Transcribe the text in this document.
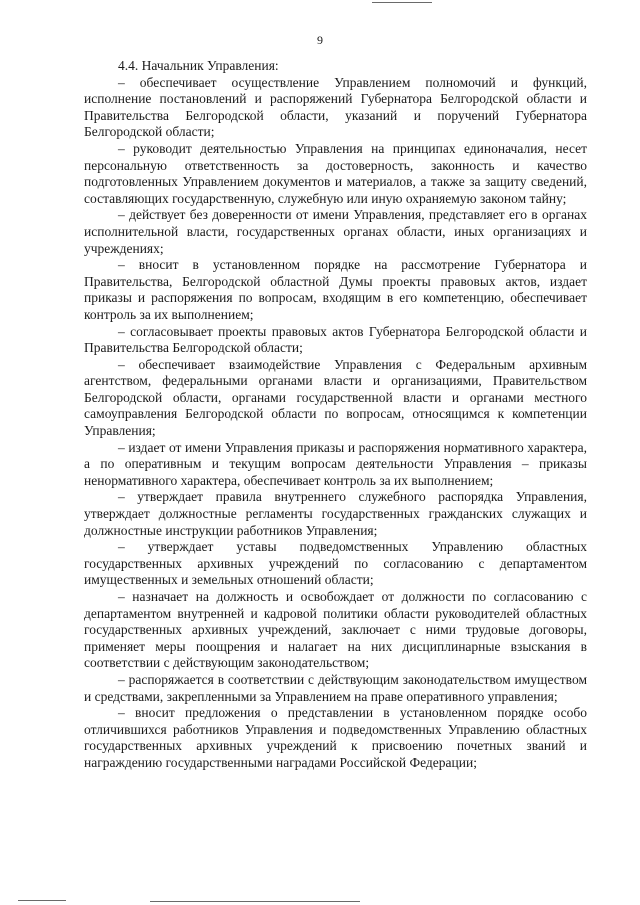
9

4.4. Начальник Управления:

– обеспечивает осуществление Управлением полномочий и функций, исполнение постановлений и распоряжений Губернатора Белгородской области и Правительства Белгородской области, указаний и поручений Губернатора Белгородской области;

– руководит деятельностью Управления на принципах единоначалия, несет персональную ответственность за достоверность, законность и качество подготовленных Управлением документов и материалов, а также за защиту сведений, составляющих государственную, служебную или иную охраняемую законом тайну;

– действует без доверенности от имени Управления, представляет его в органах исполнительной власти, государственных органах области, иных организациях и учреждениях;

– вносит в установленном порядке на рассмотрение Губернатора и Правительства, Белгородской областной Думы проекты правовых актов, издает приказы и распоряжения по вопросам, входящим в его компетенцию, обеспечивает контроль за их выполнением;

– согласовывает проекты правовых актов Губернатора Белгородской области и Правительства Белгородской области;

– обеспечивает взаимодействие Управления с Федеральным архивным агентством, федеральными органами власти и организациями, Правительством Белгородской области, органами государственной власти и органами местного самоуправления Белгородской области по вопросам, относящимся к компетенции Управления;

– издает от имени Управления приказы и распоряжения нормативного характера, а по оперативным и текущим вопросам деятельности Управления – приказы ненормативного характера, обеспечивает контроль за их выполнением;

– утверждает правила внутреннего служебного распорядка Управления, утверждает должностные регламенты государственных гражданских служащих и должностные инструкции работников Управления;

– утверждает уставы подведомственных Управлению областных государственных архивных учреждений по согласованию с департаментом имущественных и земельных отношений области;

– назначает на должность и освобождает от должности по согласованию с департаментом внутренней и кадровой политики области руководителей областных государственных архивных учреждений, заключает с ними трудовые договоры, применяет меры поощрения и налагает на них дисциплинарные взыскания в соответствии с действующим законодательством;

– распоряжается в соответствии с действующим законодательством имуществом и средствами, закрепленными за Управлением на праве оперативного управления;

– вносит предложения о представлении в установленном порядке особо отличившихся работников Управления и подведомственных Управлению областных государственных архивных учреждений к присвоению почетных званий и награждению государственными наградами Российской Федерации;
